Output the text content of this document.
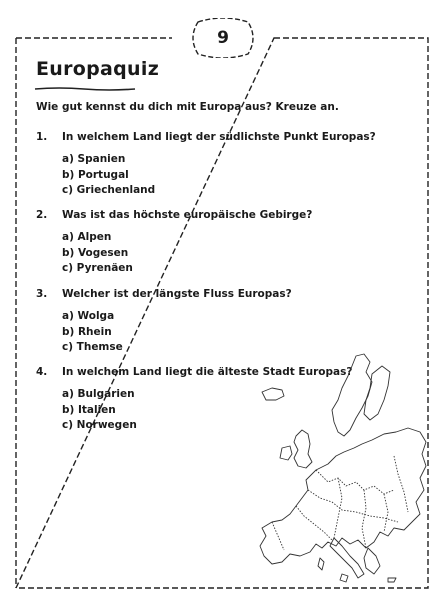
9
Europaquiz
Wie gut kennst du dich mit Europa aus? Kreuze an.
1. In welchem Land liegt der südlichste Punkt Europas?
a) Spanien
b) Portugal
c) Griechenland
2. Was ist das höchste europäische Gebirge?
a) Alpen
b) Vogesen
c) Pyrenäen
3. Welcher ist der längste Fluss Europas?
a) Wolga
b) Rhein
c) Themse
4. In welchem Land liegt die älteste Stadt Europas?
a) Bulgarien
b) Italien
c) Norwegen
